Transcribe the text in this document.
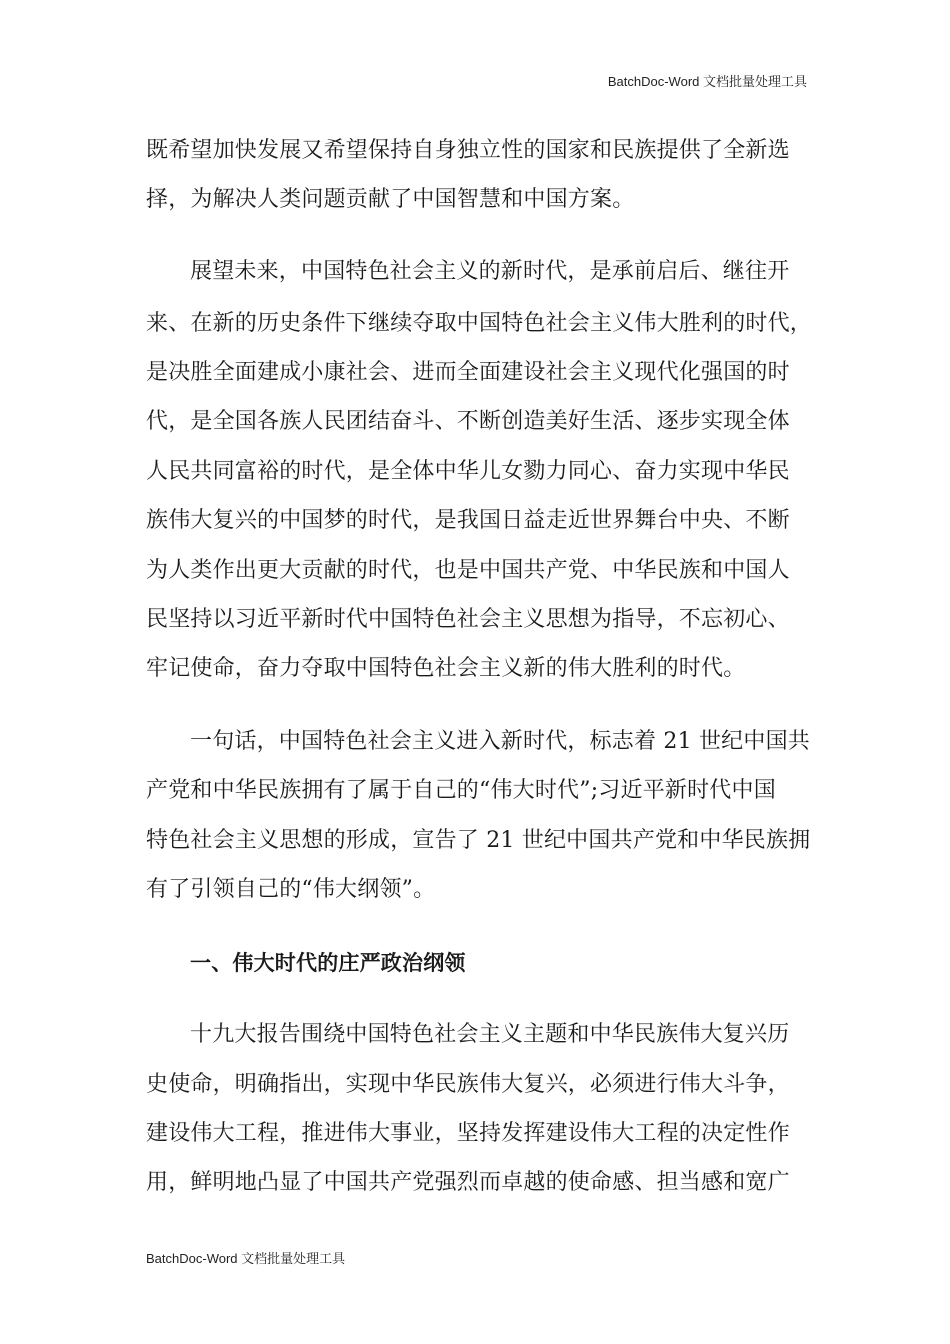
BatchDoc-Word 文档批量处理工具
既希望加快发展又希望保持自身独立性的国家和民族提供了全新选
择，为解决人类问题贡献了中国智慧和中国方案。
展望未来，中国特色社会主义的新时代，是承前启后、继往开
来、在新的历史条件下继续夺取中国特色社会主义伟大胜利的时代，
是决胜全面建成小康社会、进而全面建设社会主义现代化强国的时
代，是全国各族人民团结奋斗、不断创造美好生活、逐步实现全体
人民共同富裕的时代，是全体中华儿女勠力同心、奋力实现中华民
族伟大复兴的中国梦的时代，是我国日益走近世界舞台中央、不断
为人类作出更大贡献的时代，也是中国共产党、中华民族和中国人
民坚持以习近平新时代中国特色社会主义思想为指导，不忘初心、
牢记使命，奋力夺取中国特色社会主义新的伟大胜利的时代。
一句话，中国特色社会主义进入新时代，标志着 21 世纪中国共
产党和中华民族拥有了属于自己的“伟大时代”;习近平新时代中国
特色社会主义思想的形成，宣告了 21 世纪中国共产党和中华民族拥
有了引领自己的“伟大纲领”。
一、伟大时代的庄严政治纲领
十九大报告围绕中国特色社会主义主题和中华民族伟大复兴历
史使命，明确指出，实现中华民族伟大复兴，必须进行伟大斗争，
建设伟大工程，推进伟大事业，坚持发挥建设伟大工程的决定性作
用，鲜明地凸显了中国共产党强烈而卓越的使命感、担当感和宽广
BatchDoc-Word 文档批量处理工具
